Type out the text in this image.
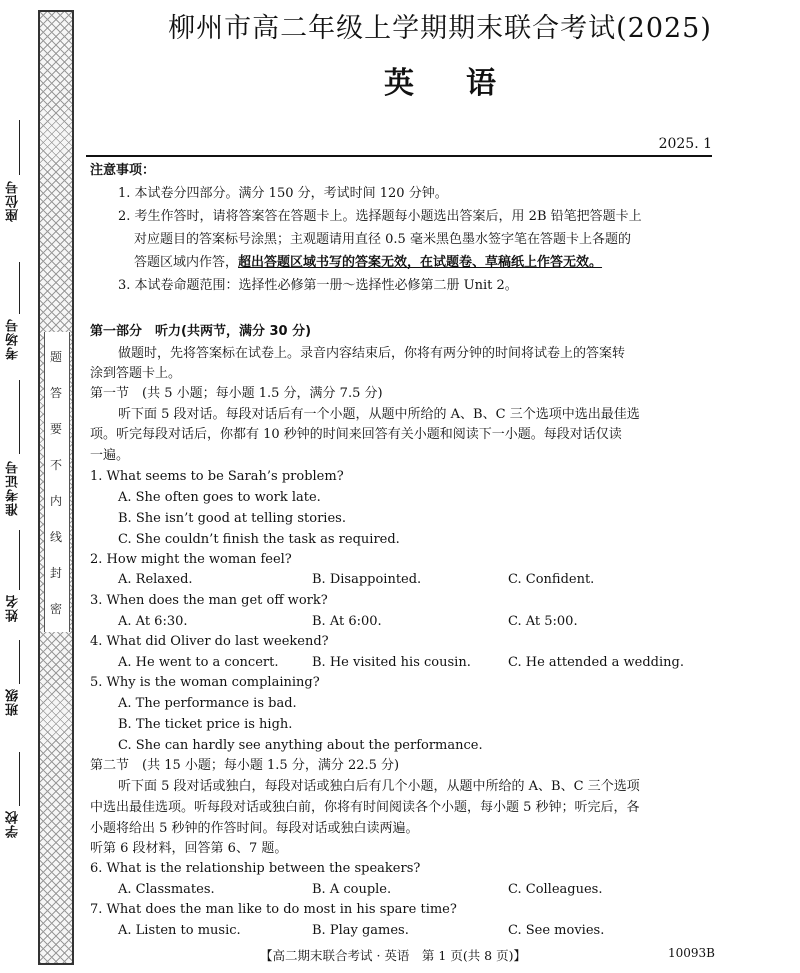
题
答
要
不
内
线
封
密
座位号
考场号
准考证号
姓名
班级
学校
柳州市高二年级上学期期末联合考试(2025)
英 语
2025. 1
注意事项：
1. 本试卷分四部分。满分 150 分，考试时间 120 分钟。
2. 考生作答时，请将答案答在答题卡上。选择题每小题选出答案后，用 2B 铅笔把答题卡上
对应题目的答案标号涂黑；主观题请用直径 0.5 毫米黑色墨水签字笔在答题卡上各题的
答题区域内作答，超出答题区域书写的答案无效，在试题卷、草稿纸上作答无效。
3. 本试卷命题范围：选择性必修第一册～选择性必修第二册 Unit 2。
第一部分　听力(共两节，满分 30 分)
做题时，先将答案标在试卷上。录音内容结束后，你将有两分钟的时间将试卷上的答案转
涂到答题卡上。
第一节　(共 5 小题；每小题 1.5 分，满分 7.5 分)
听下面 5 段对话。每段对话后有一个小题，从题中所给的 A、B、C 三个选项中选出最佳选
项。听完每段对话后，你都有 10 秒钟的时间来回答有关小题和阅读下一小题。每段对话仅读
一遍。
1. What seems to be Sarah’s problem?
A. She often goes to work late.
B. She isn’t good at telling stories.
C. She couldn’t finish the task as required.
2. How might the woman feel?
A. Relaxed.	B. Disappointed.	C. Confident.
3. When does the man get off work?
A. At 6:30.	B. At 6:00.	C. At 5:00.
4. What did Oliver do last weekend?
A. He went to a concert.	B. He visited his cousin.	C. He attended a wedding.
5. Why is the woman complaining?
A. The performance is bad.
B. The ticket price is high.
C. She can hardly see anything about the performance.
第二节　(共 15 小题；每小题 1.5 分，满分 22.5 分)
听下面 5 段对话或独白，每段对话或独白后有几个小题，从题中所给的 A、B、C 三个选项
中选出最佳选项。听每段对话或独白前，你将有时间阅读各个小题，每小题 5 秒钟；听完后，各
小题将给出 5 秒钟的作答时间。每段对话或独白读两遍。
听第 6 段材料，回答第 6、7 题。
6. What is the relationship between the speakers?
A. Classmates.	B. A couple.	C. Colleagues.
7. What does the man like to do most in his spare time?
A. Listen to music.	B. Play games.	C. See movies.
【高二期末联合考试 · 英语　第 1 页(共 8 页)】	10093B
